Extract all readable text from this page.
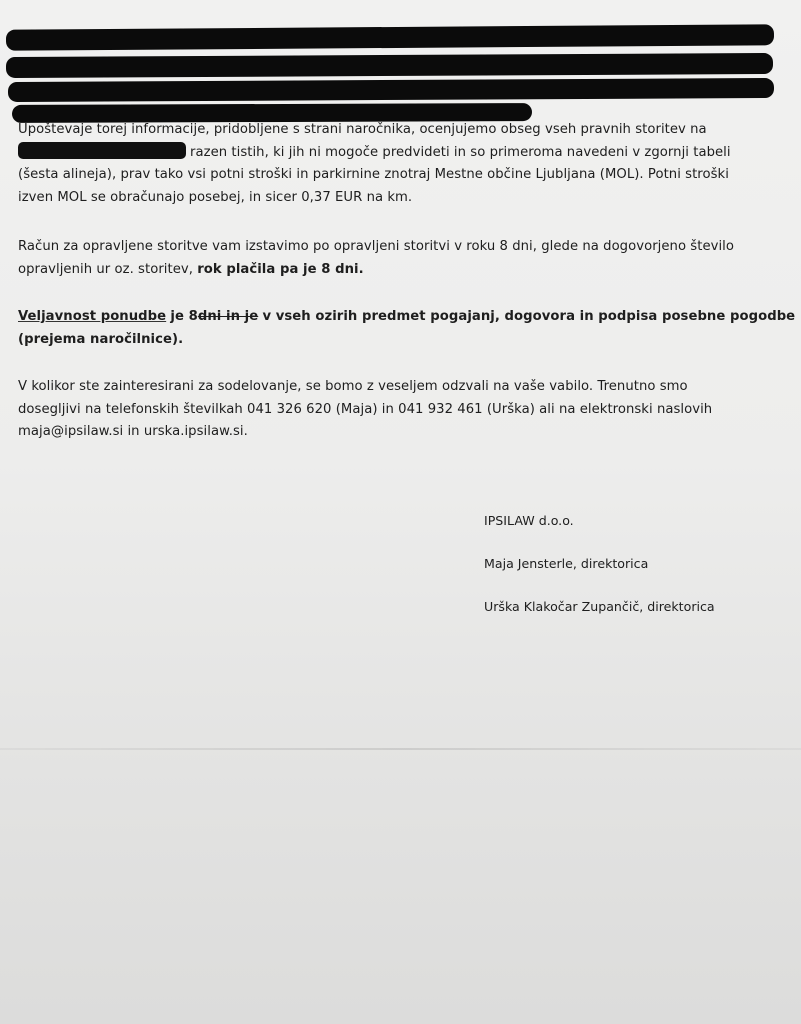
Upoštevaje torej informacije, pridobljene s strani naročnika, ocenjujemo obseg vseh pravnih storitev na
razen tistih, ki jih ni mogoče predvideti in so primeroma navedeni v zgornji tabeli
(šesta alineja), prav tako vsi potni stroški in parkirnine znotraj Mestne občine Ljubljana (MOL). Potni stroški
izven MOL se obračunajo posebej, in sicer 0,37 EUR na km.
Račun za opravljene storitve vam izstavimo po opravljeni storitvi v roku 8 dni, glede na dogovorjeno število
opravljenih ur oz. storitev, rok plačila pa je 8 dni.
Veljavnost ponudbe je 8dni in je v vseh ozirih predmet pogajanj, dogovora in podpisa posebne pogodbe
(prejema naročilnice).
V kolikor ste zainteresirani za sodelovanje, se bomo z veseljem odzvali na vaše vabilo. Trenutno smo
dosegljivi na telefonskih številkah 041 326 620 (Maja) in 041 932 461 (Urška) ali na elektronski naslovih
maja@ipsilaw.si in urska.ipsilaw.si.

IPSILAW d.o.o.

Maja Jensterle, direktorica

Urška Klakočar Zupančič, direktorica
